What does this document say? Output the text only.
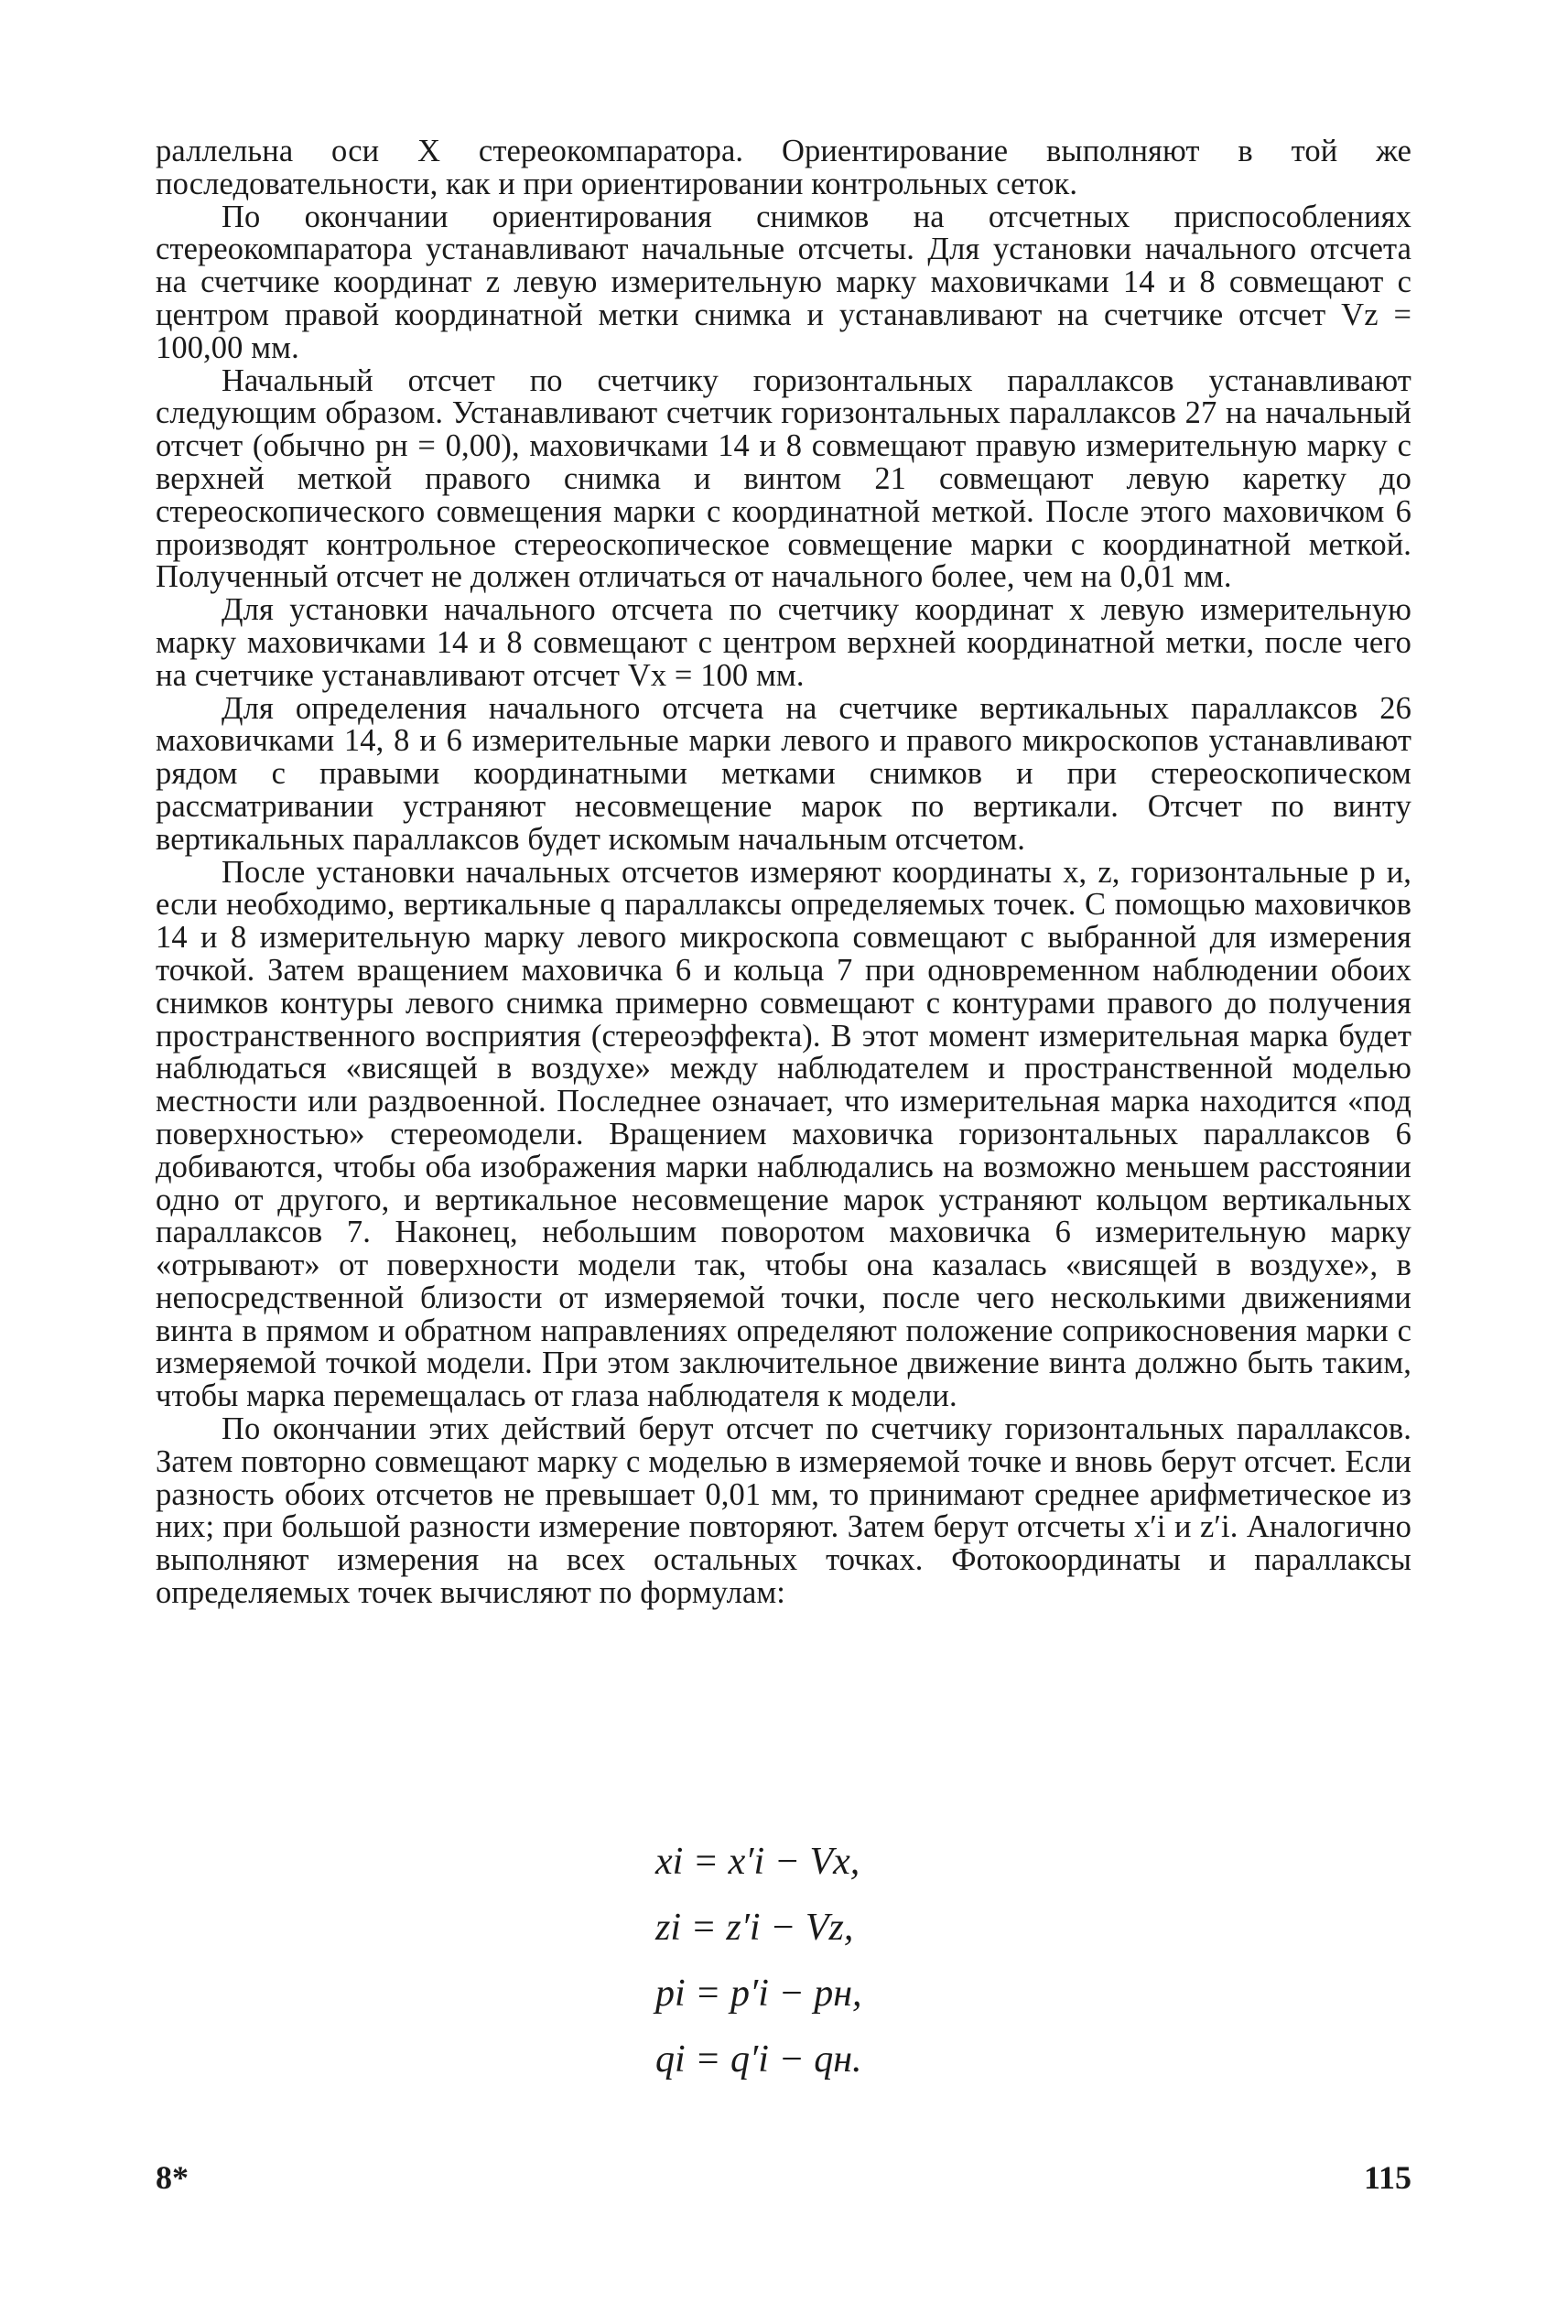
раллельна оси X стереокомпаратора. Ориентирование выполняют в той же последовательности, как и при ориентировании контрольных сеток.

По окончании ориентирования снимков на отсчетных приспособлениях стереокомпаратора устанавливают начальные отсчеты. Для установки начального отсчета на счетчике координат z левую измерительную марку маховичками 14 и 8 совмещают с центром правой координатной метки снимка и устанавливают на счетчике отсчет Vz = 100,00 мм.

Начальный отсчет по счетчику горизонтальных параллаксов устанавливают следующим образом. Устанавливают счетчик горизонтальных параллаксов 27 на начальный отсчет (обычно pн = 0,00), маховичками 14 и 8 совмещают правую измерительную марку с верхней меткой правого снимка и винтом 21 совмещают левую каретку до стереоскопического совмещения марки с координатной меткой. После этого маховичком 6 производят контрольное стереоскопическое совмещение марки с координатной меткой. Полученный отсчет не должен отличаться от начального более, чем на 0,01 мм.

Для установки начального отсчета по счетчику координат x левую измерительную марку маховичками 14 и 8 совмещают с центром верхней координатной метки, после чего на счетчике устанавливают отсчет Vx = 100 мм.

Для определения начального отсчета на счетчике вертикальных параллаксов 26 маховичками 14, 8 и 6 измерительные марки левого и правого микроскопов устанавливают рядом с правыми координатными метками снимков и при стереоскопическом рассматривании устраняют несовмещение марок по вертикали. Отсчет по винту вертикальных параллаксов будет искомым начальным отсчетом.

После установки начальных отсчетов измеряют координаты x, z, горизонтальные p и, если необходимо, вертикальные q параллаксы определяемых точек. С помощью маховичков 14 и 8 измерительную марку левого микроскопа совмещают с выбранной для измерения точкой. Затем вращением маховичка 6 и кольца 7 при одновременном наблюдении обоих снимков контуры левого снимка примерно совмещают с контурами правого до получения пространственного восприятия (стереоэффекта). В этот момент измерительная марка будет наблюдаться «висящей в воздухе» между наблюдателем и пространственной моделью местности или раздвоенной. Последнее означает, что измерительная марка находится «под поверхностью» стереомодели. Вращением маховичка горизонтальных параллаксов 6 добиваются, чтобы оба изображения марки наблюдались на возможно меньшем расстоянии одно от другого, и вертикальное несовмещение марок устраняют кольцом вертикальных параллаксов 7. Наконец, небольшим поворотом маховичка 6 измерительную марку «отрывают» от поверхности модели так, чтобы она казалась «висящей в воздухе», в непосредственной близости от измеряемой точки, после чего несколькими движениями винта в прямом и обратном направлениях определяют положение соприкосновения марки с измеряемой точкой модели. При этом заключительное движение винта должно быть таким, чтобы марка перемещалась от глаза наблюдателя к модели.

По окончании этих действий берут отсчет по счетчику горизонтальных параллаксов. Затем повторно совмещают марку с моделью в измеряемой точке и вновь берут отсчет. Если разность обоих отсчетов не превышает 0,01 мм, то принимают среднее арифметическое из них; при большой разности измерение повторяют. Затем берут отсчеты x′i и z′i. Аналогично выполняют измерения на всех остальных точках. Фотокоординаты и параллаксы определяемых точек вычисляют по формулам:

xi = x′i − Vx,
zi = z′i − Vz,
pi = p′i − pн,
qi = q′i − qн.
8*	115
